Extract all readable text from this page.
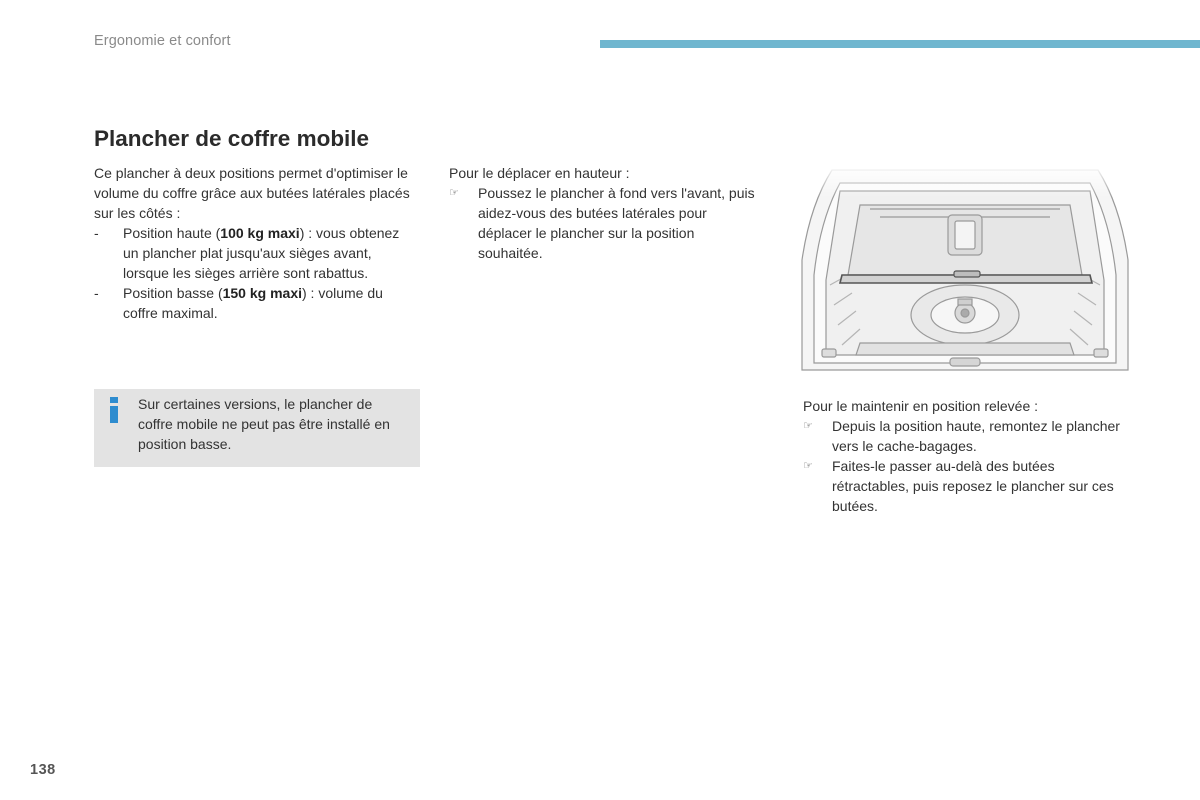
Ergonomie et confort
Plancher de coffre mobile

Ce plancher à deux positions permet d'optimiser le volume du coffre grâce aux butées latérales placés sur les côtés :

-	Position haute (100 kg maxi) : vous obtenez un plancher plat jusqu'aux sièges avant, lorsque les sièges arrière sont rabattus.
-	Position basse (150 kg maxi) : volume du coffre maximal.
Sur certaines versions, le plancher de coffre mobile ne peut pas être installé en position basse.

Pour le déplacer en hauteur :

☞	Poussez le plancher à fond vers l'avant, puis aidez-vous des butées latérales pour déplacer le plancher sur la position souhaitée.

Pour le maintenir en position relevée :

☞	Depuis la position haute, remontez le plancher vers le cache-bagages.
☞	Faites-le passer au-delà des butées rétractables, puis reposez le plancher sur ces butées.
138
